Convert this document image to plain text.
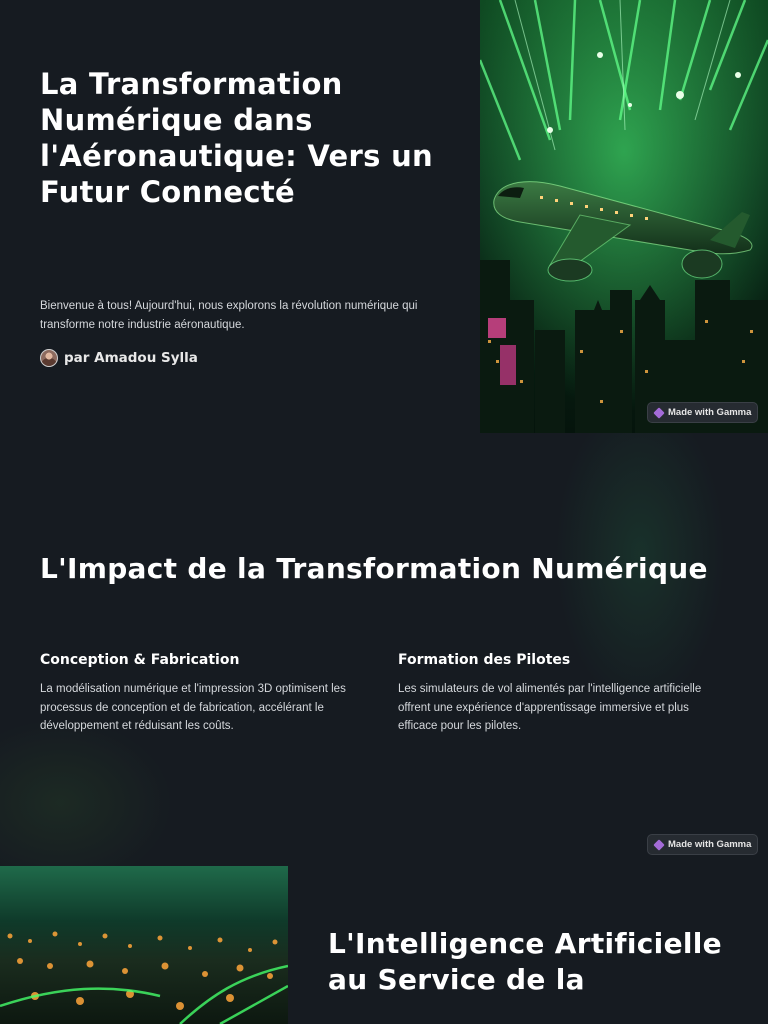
La Transformation Numérique dans l'Aéronautique: Vers un Futur Connecté

Bienvenue à tous! Aujourd'hui, nous explorons la révolution numérique qui transforme notre industrie aéronautique.

par Amadou Sylla
Made with Gamma
L'Impact de la Transformation Numérique
Conception & Fabrication

La modélisation numérique et l'impression 3D optimisent les processus de conception et de fabrication, accélérant le développement et réduisant les coûts.

Formation des Pilotes

Les simulateurs de vol alimentés par l'intelligence artificielle offrent une expérience d'apprentissage immersive et plus efficace pour les pilotes.

Made with Gamma
L'Intelligence Artificielle au Service de la
